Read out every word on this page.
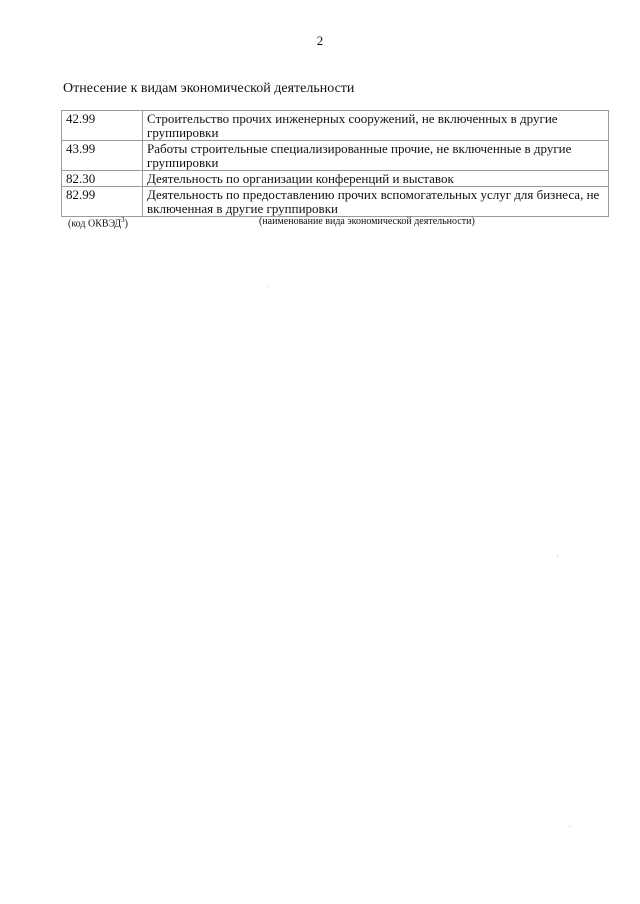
2
Отнесение к видам экономической деятельности
42.99	Строительство прочих инженерных сооружений, не включенных в другие группировки
43.99	Работы строительные специализированные прочие, не включенные в другие группировки
82.30	Деятельность по организации конференций и выставок
82.99	Деятельность по предоставлению прочих вспомогательных услуг для бизнеса, не включенная в другие группировки
(код ОКВЭД$^3$)	(наименование вида экономической деятельности)
